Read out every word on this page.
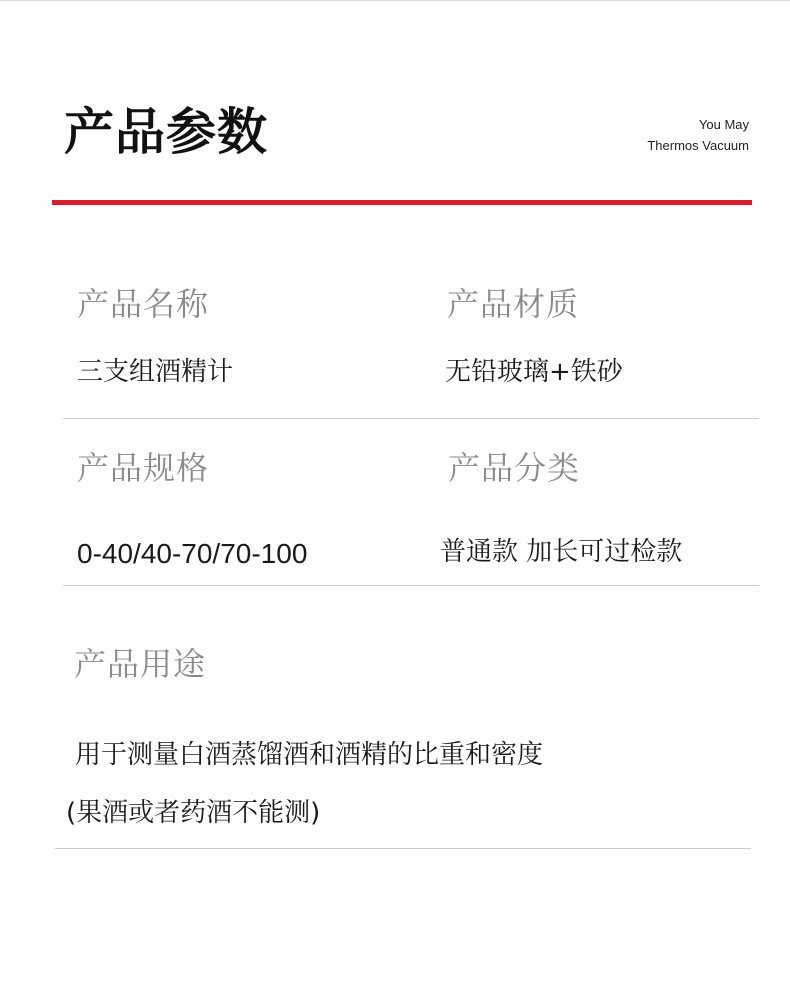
产品参数	You May
Thermos Vacuum
产品名称
三支组酒精计
产品材质
无铅玻璃+铁砂
产品规格
0-40/40-70/70-100
产品分类
普通款 加长可过检款
产品用途
用于测量白酒蒸馏酒和酒精的比重和密度
(果酒或者药酒不能测)
